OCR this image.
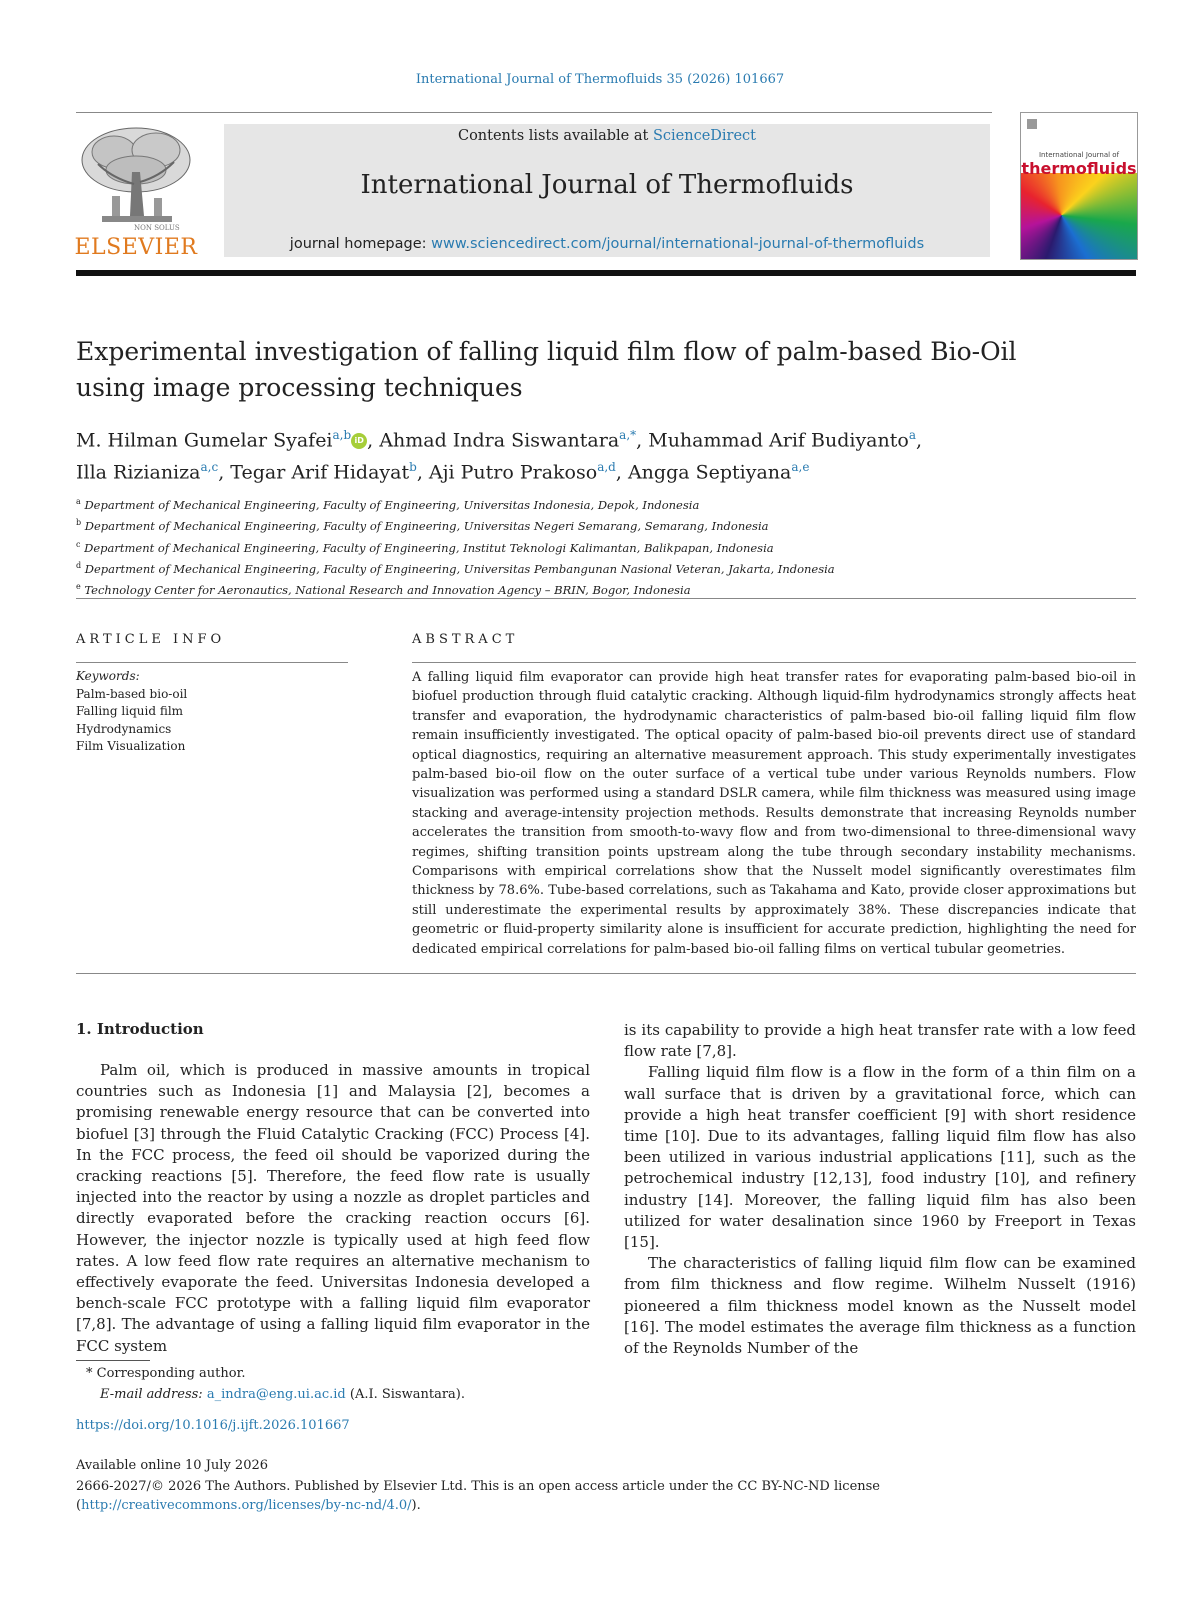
International Journal of Thermofluids 35 (2026) 101667
NON SOLUS
ELSEVIER
Contents lists available at ScienceDirect
International Journal of Thermofluids
journal homepage: www.sciencedirect.com/journal/international-journal-of-thermofluids
International Journal of
thermofluids
Experimental investigation of falling liquid film flow of palm-based Bio-Oil using image processing techniques
M. Hilman Gumelar Syafei$^{a,b}$ iD , Ahmad Indra Siswantara$^{a,*}$, Muhammad Arif Budiyanto$^a$,
Illa Rizianiza$^{a,c}$, Tegar Arif Hidayat$^b$, Aji Putro Prakoso$^{a,d}$, Angga Septiyana$^{a,e}$
$^a$ Department of Mechanical Engineering, Faculty of Engineering, Universitas Indonesia, Depok, Indonesia
$^b$ Department of Mechanical Engineering, Faculty of Engineering, Universitas Negeri Semarang, Semarang, Indonesia
$^c$ Department of Mechanical Engineering, Faculty of Engineering, Institut Teknologi Kalimantan, Balikpapan, Indonesia
$^d$ Department of Mechanical Engineering, Faculty of Engineering, Universitas Pembangunan Nasional Veteran, Jakarta, Indonesia
$^e$ Technology Center for Aeronautics, National Research and Innovation Agency – BRIN, Bogor, Indonesia
ARTICLE INFO
Keywords:
Palm-based bio-oil
Falling liquid film
Hydrodynamics
Film Visualization
ABSTRACT
A falling liquid film evaporator can provide high heat transfer rates for evaporating palm-based bio-oil in biofuel production through fluid catalytic cracking. Although liquid-film hydrodynamics strongly affects heat transfer and evaporation, the hydrodynamic characteristics of palm-based bio-oil falling liquid film flow remain insufficiently investigated. The optical opacity of palm-based bio-oil prevents direct use of standard optical diagnostics, requiring an alternative measurement approach. This study experimentally investigates palm-based bio-oil flow on the outer surface of a vertical tube under various Reynolds numbers. Flow visualization was performed using a standard DSLR camera, while film thickness was measured using image stacking and average-intensity projection methods. Results demonstrate that increasing Reynolds number accelerates the transition from smooth-to-wavy flow and from two-dimensional to three-dimensional wavy regimes, shifting transition points upstream along the tube through secondary instability mechanisms. Comparisons with empirical correlations show that the Nusselt model significantly overestimates film thickness by 78.6%. Tube-based correlations, such as Takahama and Kato, provide closer approximations but still underestimate the experimental results by approximately 38%. These discrepancies indicate that geometric or fluid-property similarity alone is insufficient for accurate prediction, highlighting the need for dedicated empirical correlations for palm-based bio-oil falling films on vertical tubular geometries.
1. Introduction

Palm oil, which is produced in massive amounts in tropical countries such as Indonesia [1] and Malaysia [2], becomes a promising renewable energy resource that can be converted into biofuel [3] through the Fluid Catalytic Cracking (FCC) Process [4]. In the FCC process, the feed oil should be vaporized during the cracking reactions [5]. Therefore, the feed flow rate is usually injected into the reactor by using a nozzle as droplet particles and directly evaporated before the cracking reaction occurs [6]. However, the injector nozzle is typically used at high feed flow rates. A low feed flow rate requires an alternative mechanism to effectively evaporate the feed. Universitas Indonesia developed a bench-scale FCC prototype with a falling liquid film evaporator [7,8]. The advantage of using a falling liquid film evaporator in the FCC system

is its capability to provide a high heat transfer rate with a low feed flow rate [7,8].

Falling liquid film flow is a flow in the form of a thin film on a wall surface that is driven by a gravitational force, which can provide a high heat transfer coefficient [9] with short residence time [10]. Due to its advantages, falling liquid film flow has also been utilized in various industrial applications [11], such as the petrochemical industry [12,13], food industry [10], and refinery industry [14]. Moreover, the falling liquid film has also been utilized for water desalination since 1960 by Freeport in Texas [15].

The characteristics of falling liquid film flow can be examined from film thickness and flow regime. Wilhelm Nusselt (1916) pioneered a film thickness model known as the Nusselt model [16]. The model estimates the average film thickness as a function of the Reynolds Number of the

* Corresponding author.
E-mail address: a_indra@eng.ui.ac.id (A.I. Siswantara).
https://doi.org/10.1016/j.ijft.2026.101667
Available online 10 July 2026
2666-2027/© 2026 The Authors. Published by Elsevier Ltd. This is an open access article under the CC BY-NC-ND license (http://creativecommons.org/licenses/by-nc-nd/4.0/).
